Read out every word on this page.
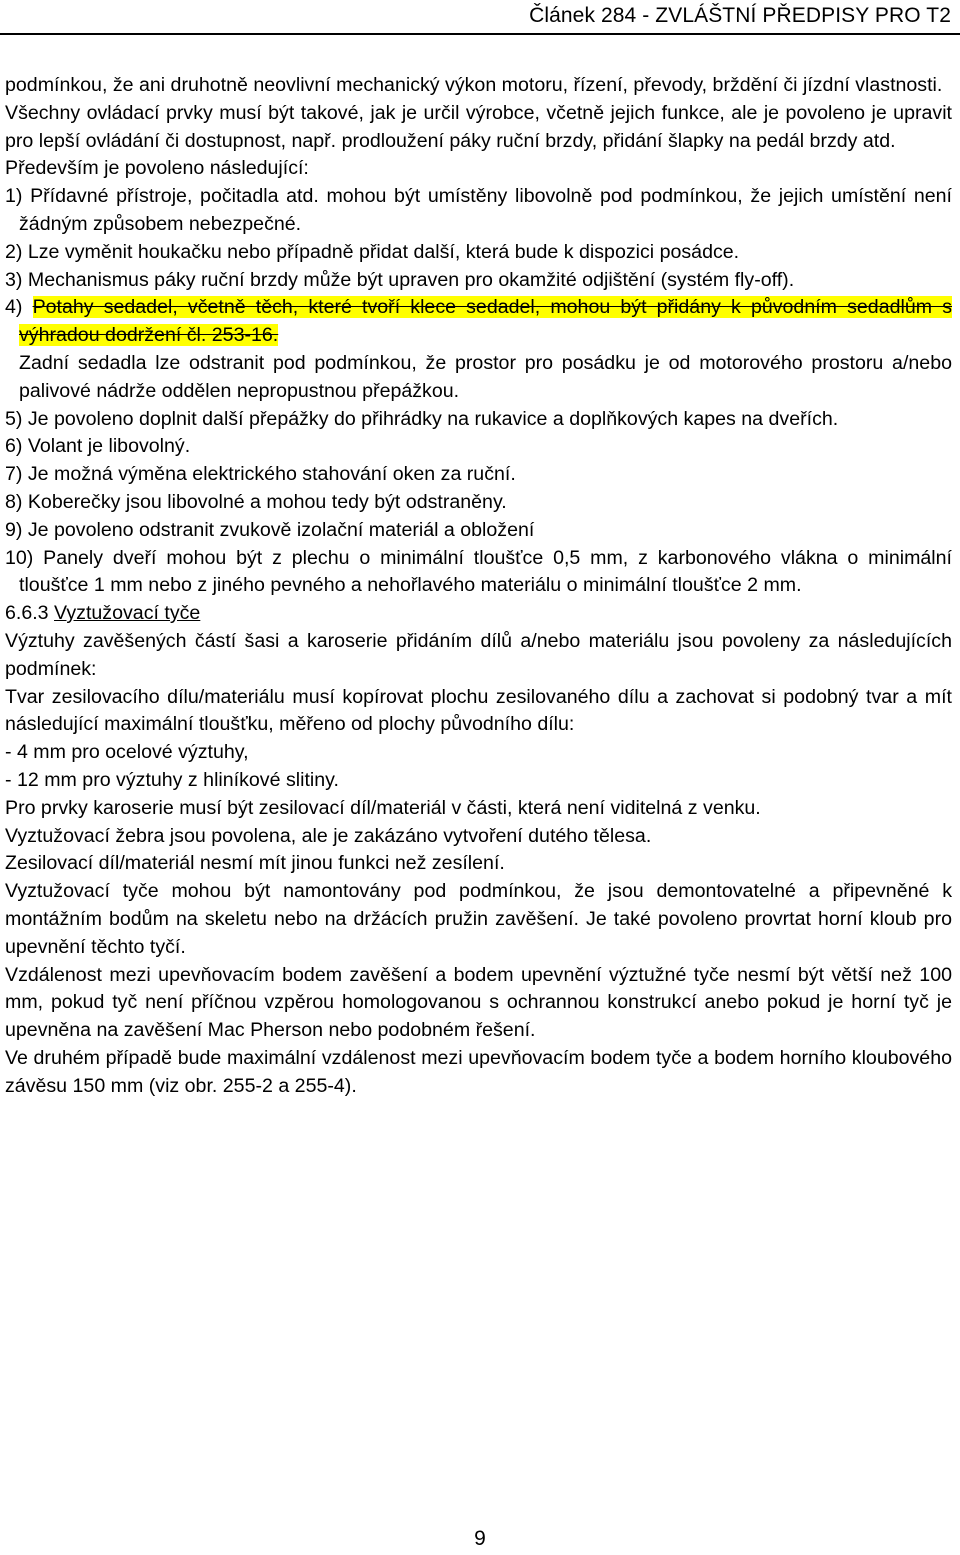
Článek 284 - ZVLÁŠTNÍ PŘEDPISY PRO T2

podmínkou, že ani druhotně neovlivní mechanický výkon motoru, řízení, převody, brždění či jízdní vlastnosti.

Všechny ovládací prvky musí být takové, jak je určil výrobce, včetně jejich funkce, ale je povoleno je upravit pro lepší ovládání či dostupnost, např. prodloužení páky ruční brzdy, přidání šlapky na pedál brzdy atd.

Především je povoleno následující:

1) Přídavné přístroje, počitadla atd. mohou být umístěny libovolně pod podmínkou, že jejich umístění není žádným způsobem nebezpečné.

2) Lze vyměnit houkačku nebo případně přidat další, která bude k dispozici posádce.

3) Mechanismus páky ruční brzdy může být upraven pro okamžité odjištění (systém fly-off).

4) Potahy sedadel, včetně těch, které tvoří klece sedadel, mohou být přidány k původním sedadlům s výhradou dodržení čl. 253-16.

Zadní sedadla lze odstranit pod podmínkou, že prostor pro posádku je od motorového prostoru a/nebo palivové nádrže oddělen nepropustnou přepážkou.

5) Je povoleno doplnit další přepážky do přihrádky na rukavice a doplňkových kapes na dveřích.

6) Volant je libovolný.

7) Je možná výměna elektrického stahování oken za ruční.

8) Koberečky jsou libovolné a mohou tedy být odstraněny.

9) Je povoleno odstranit zvukově izolační materiál a obložení

10) Panely dveří mohou být z plechu o minimální tloušťce 0,5 mm, z karbonového vlákna o minimální tloušťce 1 mm nebo z jiného pevného a nehořlavého materiálu o minimální tloušťce 2 mm.

6.6.3 Vyztužovací tyče

Výztuhy zavěšených částí šasi a karoserie přidáním dílů a/nebo materiálu jsou povoleny za následujících podmínek:

Tvar zesilovacího dílu/materiálu musí kopírovat plochu zesilovaného dílu a zachovat si podobný tvar a mít následující maximální tloušťku, měřeno od plochy původního dílu:

- 4 mm pro ocelové výztuhy,

- 12 mm pro výztuhy z hliníkové slitiny.

Pro prvky karoserie musí být zesilovací díl/materiál v části, která není viditelná z venku.

Vyztužovací žebra jsou povolena, ale je zakázáno vytvoření dutého tělesa.

Zesilovací díl/materiál nesmí mít jinou funkci než zesílení.

Vyztužovací tyče mohou být namontovány pod podmínkou, že jsou demontovatelné a připevněné k montážním bodům na skeletu nebo na držácích pružin zavěšení. Je také povoleno provrtat horní kloub pro upevnění těchto tyčí.

Vzdálenost mezi upevňovacím bodem zavěšení a bodem upevnění výztužné tyče nesmí být větší než 100 mm, pokud tyč není příčnou vzpěrou homologovanou s ochrannou konstrukcí anebo pokud je horní tyč je upevněna na zavěšení Mac Pherson nebo podobném řešení.

Ve druhém případě bude maximální vzdálenost mezi upevňovacím bodem tyče a bodem horního kloubového závěsu 150 mm (viz obr. 255-2 a 255-4).

9
